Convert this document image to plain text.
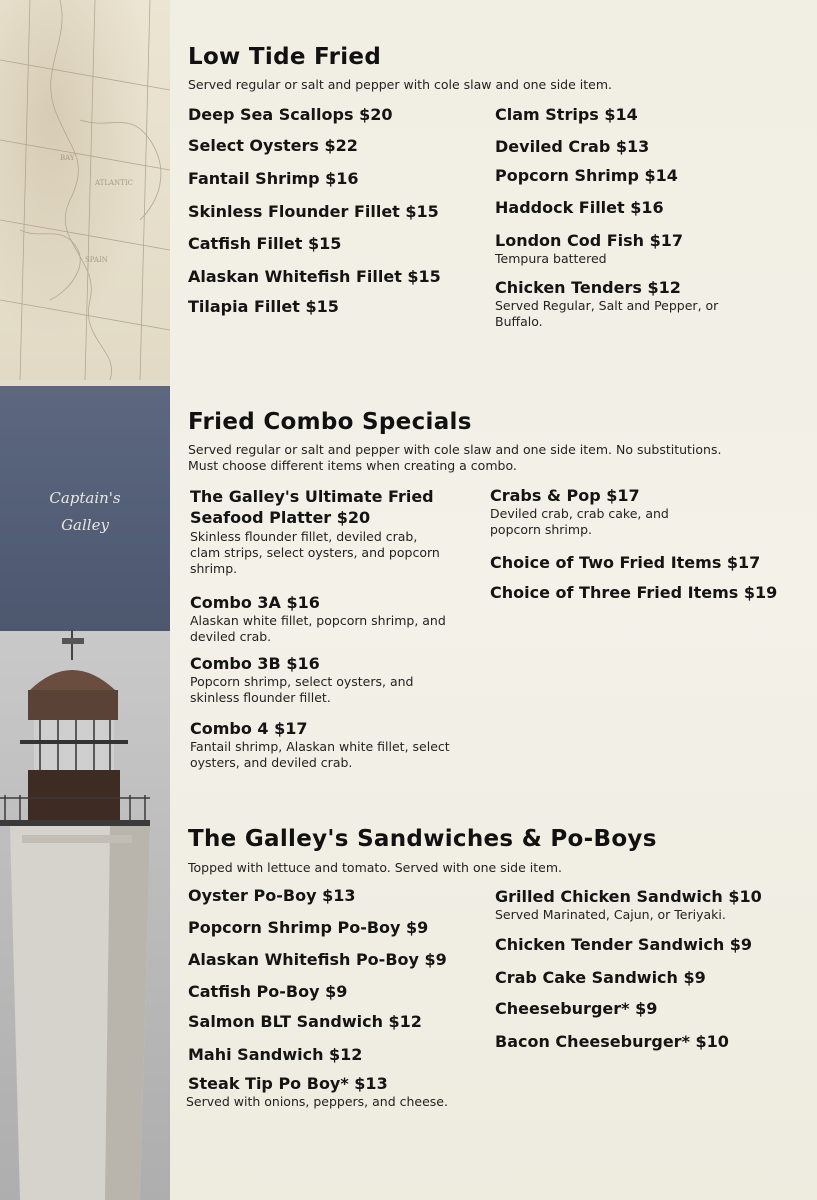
SPAIN
BAY
ATLANTIC
Captain's
Galley
Low Tide Fried
Served regular or salt and pepper with cole slaw and one side item.
Deep Sea Scallops $20
Select Oysters $22
Fantail Shrimp $16
Skinless Flounder Fillet $15
Catfish Fillet $15
Alaskan Whitefish Fillet $15
Tilapia Fillet $15
Clam Strips $14
Deviled Crab $13
Popcorn Shrimp $14
Haddock Fillet $16
London Cod Fish $17
Tempura battered
Chicken Tenders $12
Served Regular, Salt and Pepper, or Buffalo.
Fried Combo Specials
Served regular or salt and pepper with cole slaw and one side item. No substitutions. Must choose different items when creating a combo.
The Galley's Ultimate Fried Seafood Platter $20
Skinless flounder fillet, deviled crab, clam strips, select oysters, and popcorn shrimp.
Combo 3A $16
Alaskan white fillet, popcorn shrimp, and deviled crab.
Combo 3B $16
Popcorn shrimp, select oysters, and skinless flounder fillet.
Combo 4 $17
Fantail shrimp, Alaskan white fillet, select oysters, and deviled crab.
Crabs & Pop $17
Deviled crab, crab cake, and popcorn shrimp.
Choice of Two Fried Items $17
Choice of Three Fried Items $19
The Galley's Sandwiches & Po-Boys
Topped with lettuce and tomato. Served with one side item.
Oyster Po-Boy $13
Popcorn Shrimp Po-Boy $9
Alaskan Whitefish Po-Boy $9
Catfish Po-Boy $9
Salmon BLT Sandwich $12
Mahi Sandwich $12
Steak Tip Po Boy* $13
Served with onions, peppers, and cheese.
Grilled Chicken Sandwich $10
Served Marinated, Cajun, or Teriyaki.
Chicken Tender Sandwich $9
Crab Cake Sandwich $9
Cheeseburger* $9
Bacon Cheeseburger* $10
